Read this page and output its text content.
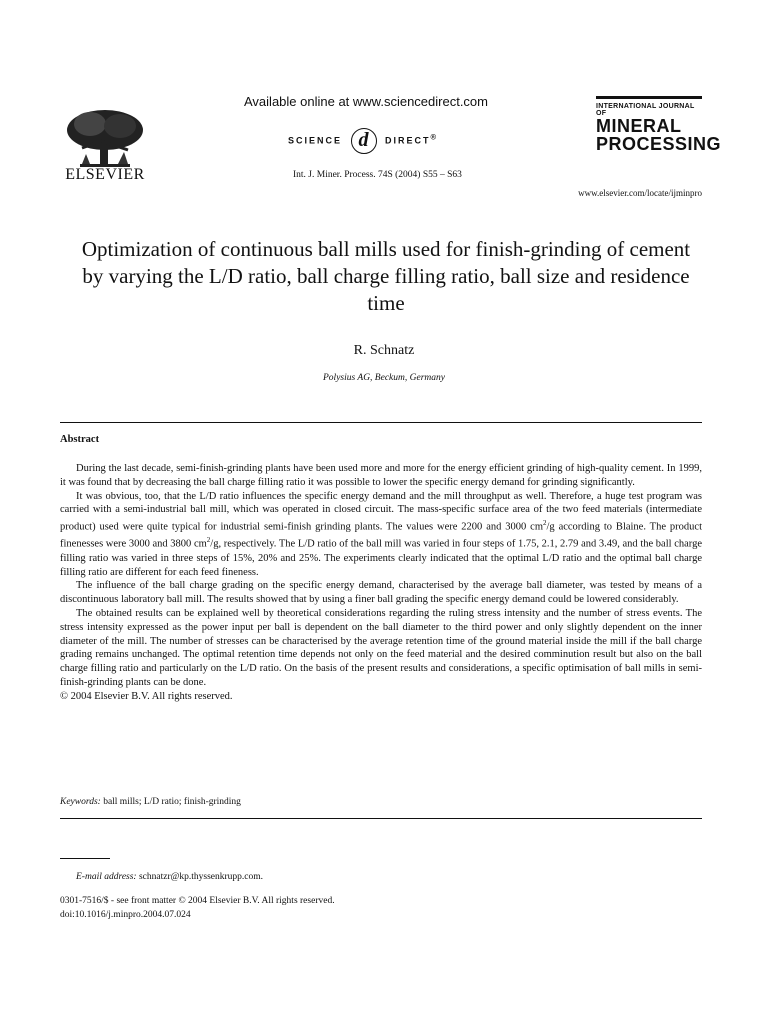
ELSEVIER
Available online at www.sciencedirect.com
SCIENCE d DIRECT®
Int. J. Miner. Process. 74S (2004) S55 – S63
INTERNATIONAL JOURNAL OF
MINERAL
PROCESSING
www.elsevier.com/locate/ijminpro
Optimization of continuous ball mills used for finish-grinding of cement by varying the L/D ratio, ball charge filling ratio, ball size and residence time
R. Schnatz
Polysius AG, Beckum, Germany
Abstract

During the last decade, semi-finish-grinding plants have been used more and more for the energy efficient grinding of high-quality cement. In 1999, it was found that by decreasing the ball charge filling ratio it was possible to lower the specific energy demand for grinding significantly.

It was obvious, too, that the L/D ratio influences the specific energy demand and the mill throughput as well. Therefore, a huge test program was carried with a semi-industrial ball mill, which was operated in closed circuit. The mass-specific surface area of the two feed materials (intermediate product) used were quite typical for industrial semi-finish grinding plants. The values were 2200 and 3000 $cm^2/g$ according to Blaine. The product finenesses were 3000 and 3800 $cm^2/g$, respectively. The L/D ratio of the ball mill was varied in four steps of 1.75, 2.1, 2.79 and 3.49, and the ball charge filling ratio was varied in three steps of 15%, 20% and 25%. The experiments clearly indicated that the optimal L/D ratio and the optimal ball charge filling ratio are different for each feed fineness.

The influence of the ball charge grading on the specific energy demand, characterised by the average ball diameter, was tested by means of a discontinuous laboratory ball mill. The results showed that by using a finer ball grading the specific energy demand could be lowered considerably.

The obtained results can be explained well by theoretical considerations regarding the ruling stress intensity and the number of stress events. The stress intensity expressed as the power input per ball is dependent on the ball diameter to the third power and only slightly dependent on the inner diameter of the mill. The number of stresses can be characterised by the average retention time of the ground material inside the mill if the ball charge grading remains unchanged. The optimal retention time depends not only on the feed material and the desired comminution result but also on the ball charge filling ratio and particularly on the L/D ratio. On the basis of the present results and considerations, a specific optimisation of ball mills in semi-finish-grinding plants can be done.

© 2004 Elsevier B.V. All rights reserved.

Keywords: ball mills; L/D ratio; finish-grinding
E-mail address: schnatzr@kp.thyssenkrupp.com.
0301-7516/$ - see front matter © 2004 Elsevier B.V. All rights reserved.
doi:10.1016/j.minpro.2004.07.024
